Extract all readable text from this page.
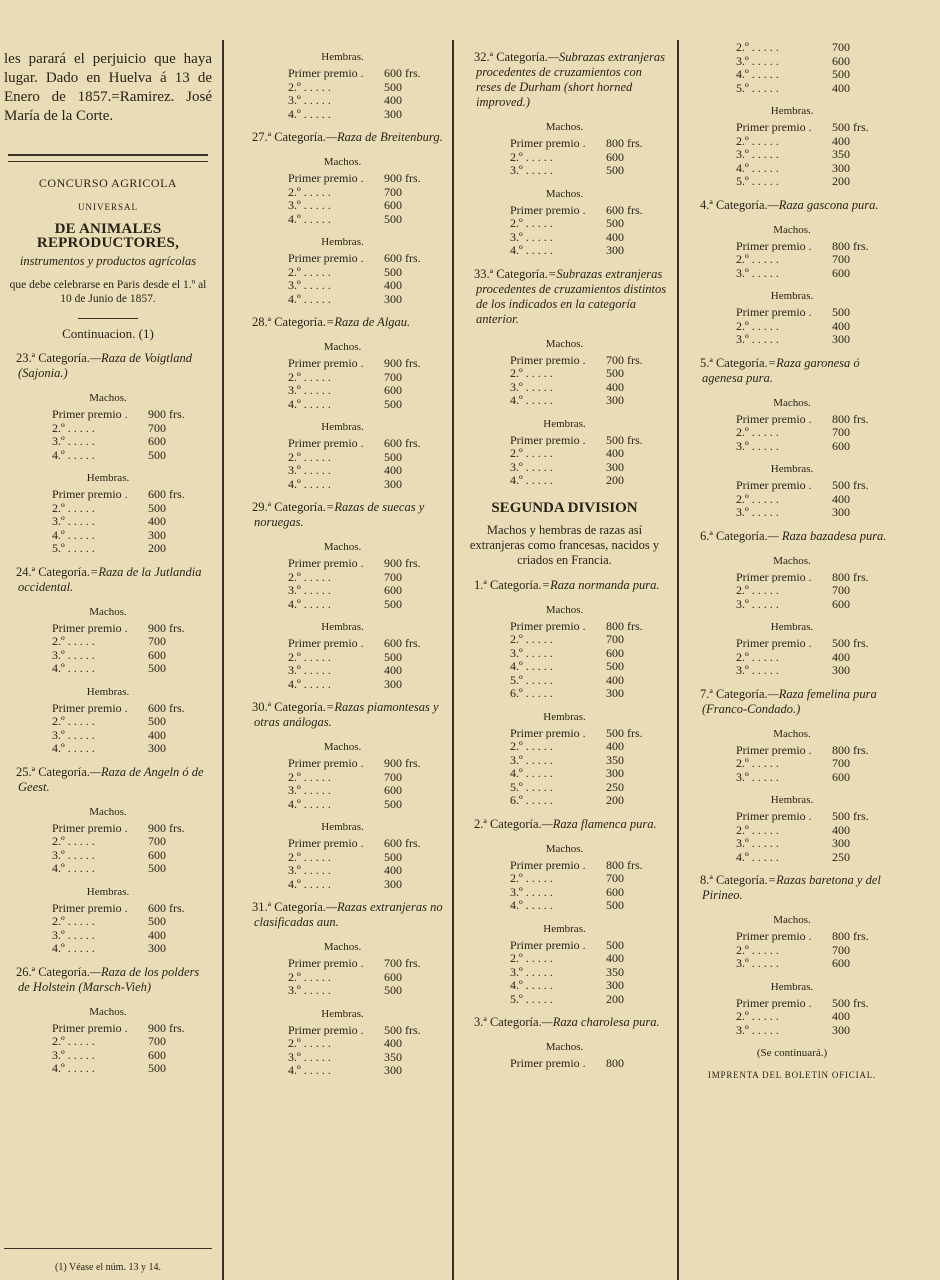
les parará el perjuicio que haya lugar. Dado en Huelva á 13 de Enero de 1857.=Ramirez. José María de la Corte.
CONCURSO AGRICOLA
UNIVERSAL
DE ANIMALES REPRODUCTORES,
instrumentos y productos agrícolas
que debe celebrarse en Paris desde el 1.º al 10 de Junio de 1857.
Continuacion. (1)
23.ª Categoría.—Raza de Voigtland (Sajonia.)
Machos.
Primer premio .	900 frs.
2.º . . . . .	700
3.º . . . . .	600
4.º . . . . .	500
Hembras.
Primer premio .	600 frs.
2.º . . . . .	500
3.º . . . . .	400
4.º . . . . .	300
5.º . . . . .	200
24.ª Categoría.=Raza de la Jutlandia occidental.
Machos.
Primer premio .	900 frs.
2.º . . . . .	700
3.º . . . . .	600
4.º . . . . .	500
Hembras.
Primer premio .	600 frs.
2.º . . . . .	500
3.º . . . . .	400
4.º . . . . .	300
25.ª Categoría.—Raza de Angeln ó de Geest.
Machos.
Primer premio .	900 frs.
2.º . . . . .	700
3.º . . . . .	600
4.º . . . . .	500
Hembras.
Primer premio .	600 frs.
2.º . . . . .	500
3.º . . . . .	400
4.º . . . . .	300
26.ª Categoría.—Raza de los polders de Holstein (Marsch-Vieh)
Machos.
Primer premio .	900 frs.
2.º . . . . .	700
3.º . . . . .	600
4.º . . . . .	500
Hembras.
Primer premio .	600 frs.
2.º . . . . .	500
3.º . . . . .	400
4.º . . . . .	300
27.ª Categoría.—Raza de Breitenburg.
Machos.
Primer premio .	900 frs.
2.º . . . . .	700
3.º . . . . .	600
4.º . . . . .	500
Hembras.
Primer premio .	600 frs.
2.º . . . . .	500
3.º . . . . .	400
4.º . . . . .	300
28.ª Categoría.=Raza de Algau.
Machos.
Primer premio .	900 frs.
2.º . . . . .	700
3.º . . . . .	600
4.º . . . . .	500
Hembras.
Primer premio .	600 frs.
2.º . . . . .	500
3.º . . . . .	400
4.º . . . . .	300
29.ª Categoría.=Razas de suecas y noruegas.
Machos.
Primer premio .	900 frs.
2.º . . . . .	700
3.º . . . . .	600
4.º . . . . .	500
Hembras.
Primer premio .	600 frs.
2.º . . . . .	500
3.º . . . . .	400
4.º . . . . .	300
30.ª Categoría.=Razas piamontesas y otras análogas.
Machos.
Primer premio .	900 frs.
2.º . . . . .	700
3.º . . . . .	600
4.º . . . . .	500
Hembras.
Primer premio .	600 frs.
2.º . . . . .	500
3.º . . . . .	400
4.º . . . . .	300
31.ª Categoría.—Razas extranjeras no clasificadas aun.
Machos.
Primer premio .	700 frs.
2.º . . . . .	600
3.º . . . . .	500
Hembras.
Primer premio .	500 frs.
2.º . . . . .	400
3.º . . . . .	350
4.º . . . . .	300
32.ª Categoría.—Subrazas extranjeras procedentes de cruzamientos con reses de Durham (short horned improved.)
Machos.
Primer premio .	800 frs.
2.º . . . . .	600
3.º . . . . .	500
Machos.
Primer premio .	600 frs.
2.º . . . . .	500
3.º . . . . .	400
4.º . . . . .	300
33.ª Categoría.=Subrazas extranjeras procedentes de cruzamientos distintos de los indicados en la categoría anterior.
Machos.
Primer premio .	700 frs.
2.º . . . . .	500
3.º . . . . .	400
4.º . . . . .	300
Hembras.
Primer premio .	500 frs.
2.º . . . . .	400
3.º . . . . .	300
4.º . . . . .	200
SEGUNDA DIVISION
Machos y hembras de razas así extranjeras como francesas, nacidos y criados en Francia.
1.ª Categoría.=Raza normanda pura.
Machos.
Primer premio .	800 frs.
2.º . . . . .	700
3.º . . . . .	600
4.º . . . . .	500
5.º . . . . .	400
6.º . . . . .	300
Hembras.
Primer premio .	500 frs.
2.º . . . . .	400
3.º . . . . .	350
4.º . . . . .	300
5.º . . . . .	250
6.º . . . . .	200
2.ª Categoría.—Raza flamenca pura.
Machos.
Primer premio .	800 frs.
2.º . . . . .	700
3.º . . . . .	600
4.º . . . . .	500
Hembras.
Primer premio .	500
2.º . . . . .	400
3.º . . . . .	350
4.º . . . . .	300
5.º . . . . .	200
3.ª Categoría.—Raza charolesa pura.
Machos.
Primer premio .	800
2.º . . . . .	700
3.º . . . . .	600
4.º . . . . .	500
5.º . . . . .	400
Hembras.
Primer premio .	500 frs.
2.º . . . . .	400
3.º . . . . .	350
4.º . . . . .	300
5.º . . . . .	200
4.ª Categoría.—Raza gascona pura.
Machos.
Primer premio .	800 frs.
2.º . . . . .	700
3.º . . . . .	600
Hembras.
Primer premio .	500
2.º . . . . .	400
3.º . . . . .	300
5.ª Categoría.=Raza garonesa ó agenesa pura.
Machos.
Primer premio .	800 frs.
2.º . . . . .	700
3.º . . . . .	600
Hembras.
Primer premio .	500 frs.
2.º . . . . .	400
3.º . . . . .	300
6.ª Categoría.— Raza bazadesa pura.
Machos.
Primer premio .	800 frs.
2.º . . . . .	700
3.º . . . . .	600
Hembras.
Primer premio .	500 frs.
2.º . . . . .	400
3.º . . . . .	300
7.ª Categoría.—Raza femelina pura (Franco-Condado.)
Machos.
Primer premio .	800 frs.
2.º . . . . .	700
3.º . . . . .	600
Hembras.
Primer premio .	500 frs.
2.º . . . . .	400
3.º . . . . .	300
4.º . . . . .	250
8.ª Categoría.=Razas baretona y del Pirineo.
Machos.
Primer premio .	800 frs.
2.º . . . . .	700
3.º . . . . .	600
Hembras.
Primer premio .	500 frs.
2.º . . . . .	400
3.º . . . . .	300
(Se continuará.)
IMPRENTA DEL BOLETIN OFICIAL.
(1) Véase el núm. 13 y 14.
